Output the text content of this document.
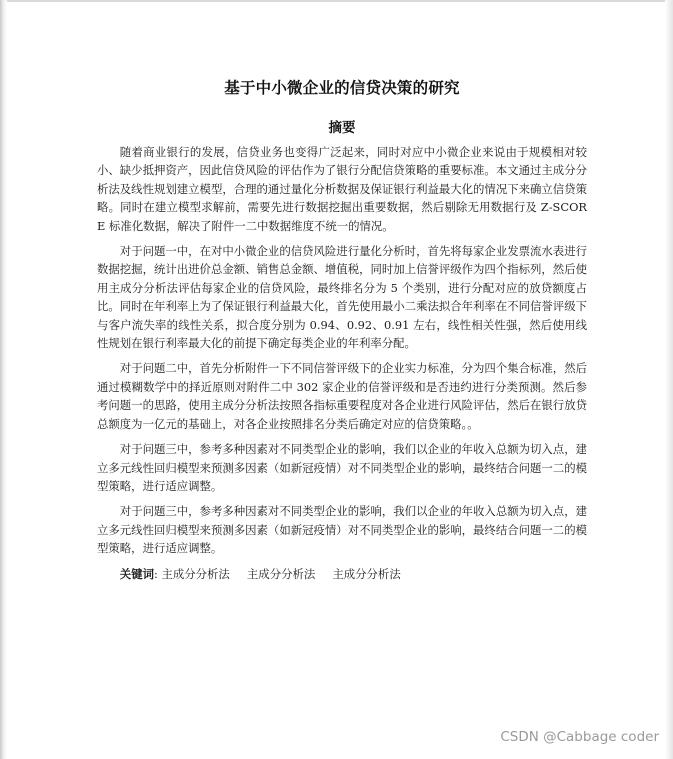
基于中小微企业的信贷决策的研究
摘要

随着商业银行的发展，信贷业务也变得广泛起来，同时对应中小微企业来说由于规模相对较小、缺少抵押资产，因此信贷风险的评估作为了银行分配信贷策略的重要标准。本文通过主成分分析法及线性规划建立模型，合理的通过量化分析数据及保证银行利益最大化的情况下来确立信贷策略。同时在建立模型求解前，需要先进行数据挖掘出重要数据，然后剔除无用数据行及 Z-SCORE 标准化数据，解决了附件一二中数据维度不统一的情况。

对于问题一中，在对中小微企业的信贷风险进行量化分析时，首先将每家企业发票流水表进行数据挖掘，统计出进价总金额、销售总金额、增值税，同时加上信誉评级作为四个指标列，然后使用主成分分析法评估每家企业的信贷风险，最终排名分为 5 个类别，进行分配对应的放贷额度占比。同时在年利率上为了保证银行利益最大化，首先使用最小二乘法拟合年利率在不同信誉评级下与客户流失率的线性关系，拟合度分别为 0.94、0.92、0.91 左右，线性相关性强，然后使用线性规划在银行利率最大化的前提下确定每类企业的年利率分配。

对于问题二中，首先分析附件一下不同信誉评级下的企业实力标准，分为四个集合标准，然后通过模糊数学中的择近原则对附件二中 302 家企业的信誉评级和是否违约进行分类预测。然后参考问题一的思路，使用主成分分析法按照各指标重要程度对各企业进行风险评估，然后在银行放贷总额度为一亿元的基础上，对各企业按照排名分类后确定对应的信贷策略。。

对于问题三中，参考多种因素对不同类型企业的影响，我们以企业的年收入总额为切入点，建立多元线性回归模型来预测多因素（如新冠疫情）对不同类型企业的影响，最终结合问题一二的模型策略，进行适应调整。

对于问题三中，参考多种因素对不同类型企业的影响，我们以企业的年收入总额为切入点，建立多元线性回归模型来预测多因素（如新冠疫情）对不同类型企业的影响，最终结合问题一二的模型策略，进行适应调整。

关键词: 主成分分析法 主成分分析法 主成分分析法

CSDN @Cabbage coder
